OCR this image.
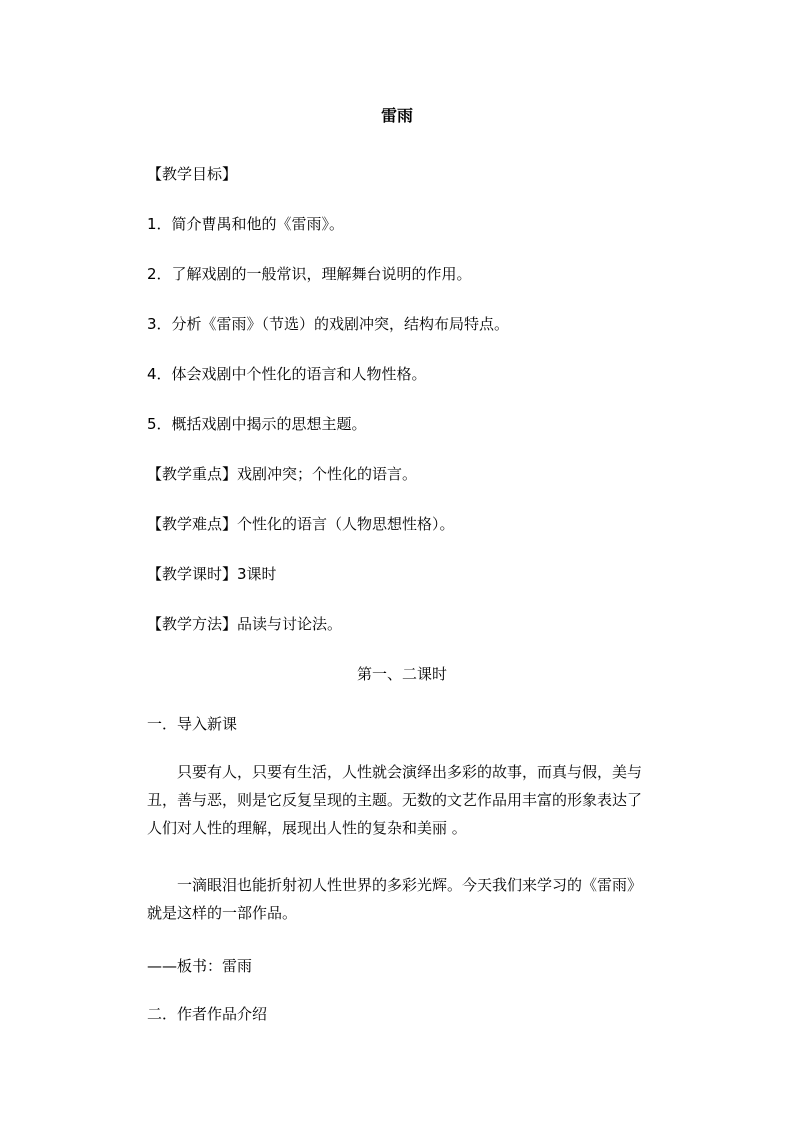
雷雨
【教学目标】
1．简介曹禺和他的《雷雨》。
2．了解戏剧的一般常识，理解舞台说明的作用。
3．分析《雷雨》（节选）的戏剧冲突，结构布局特点。
4．体会戏剧中个性化的语言和人物性格。
5．概括戏剧中揭示的思想主题。
【教学重点】戏剧冲突；个性化的语言。
【教学难点】个性化的语言（人物思想性格）。
【教学课时】3课时
【教学方法】品读与讨论法。
第一、二课时
一．导入新课
只要有人，只要有生活，人性就会演绎出多彩的故事，而真与假，美与丑，善与恶，则是它反复呈现的主题。无数的文艺作品用丰富的形象表达了人们对人性的理解，展现出人性的复杂和美丽 。
一滴眼泪也能折射初人性世界的多彩光辉。今天我们来学习的《雷雨》就是这样的一部作品。
——板书：雷雨
二．作者作品介绍
